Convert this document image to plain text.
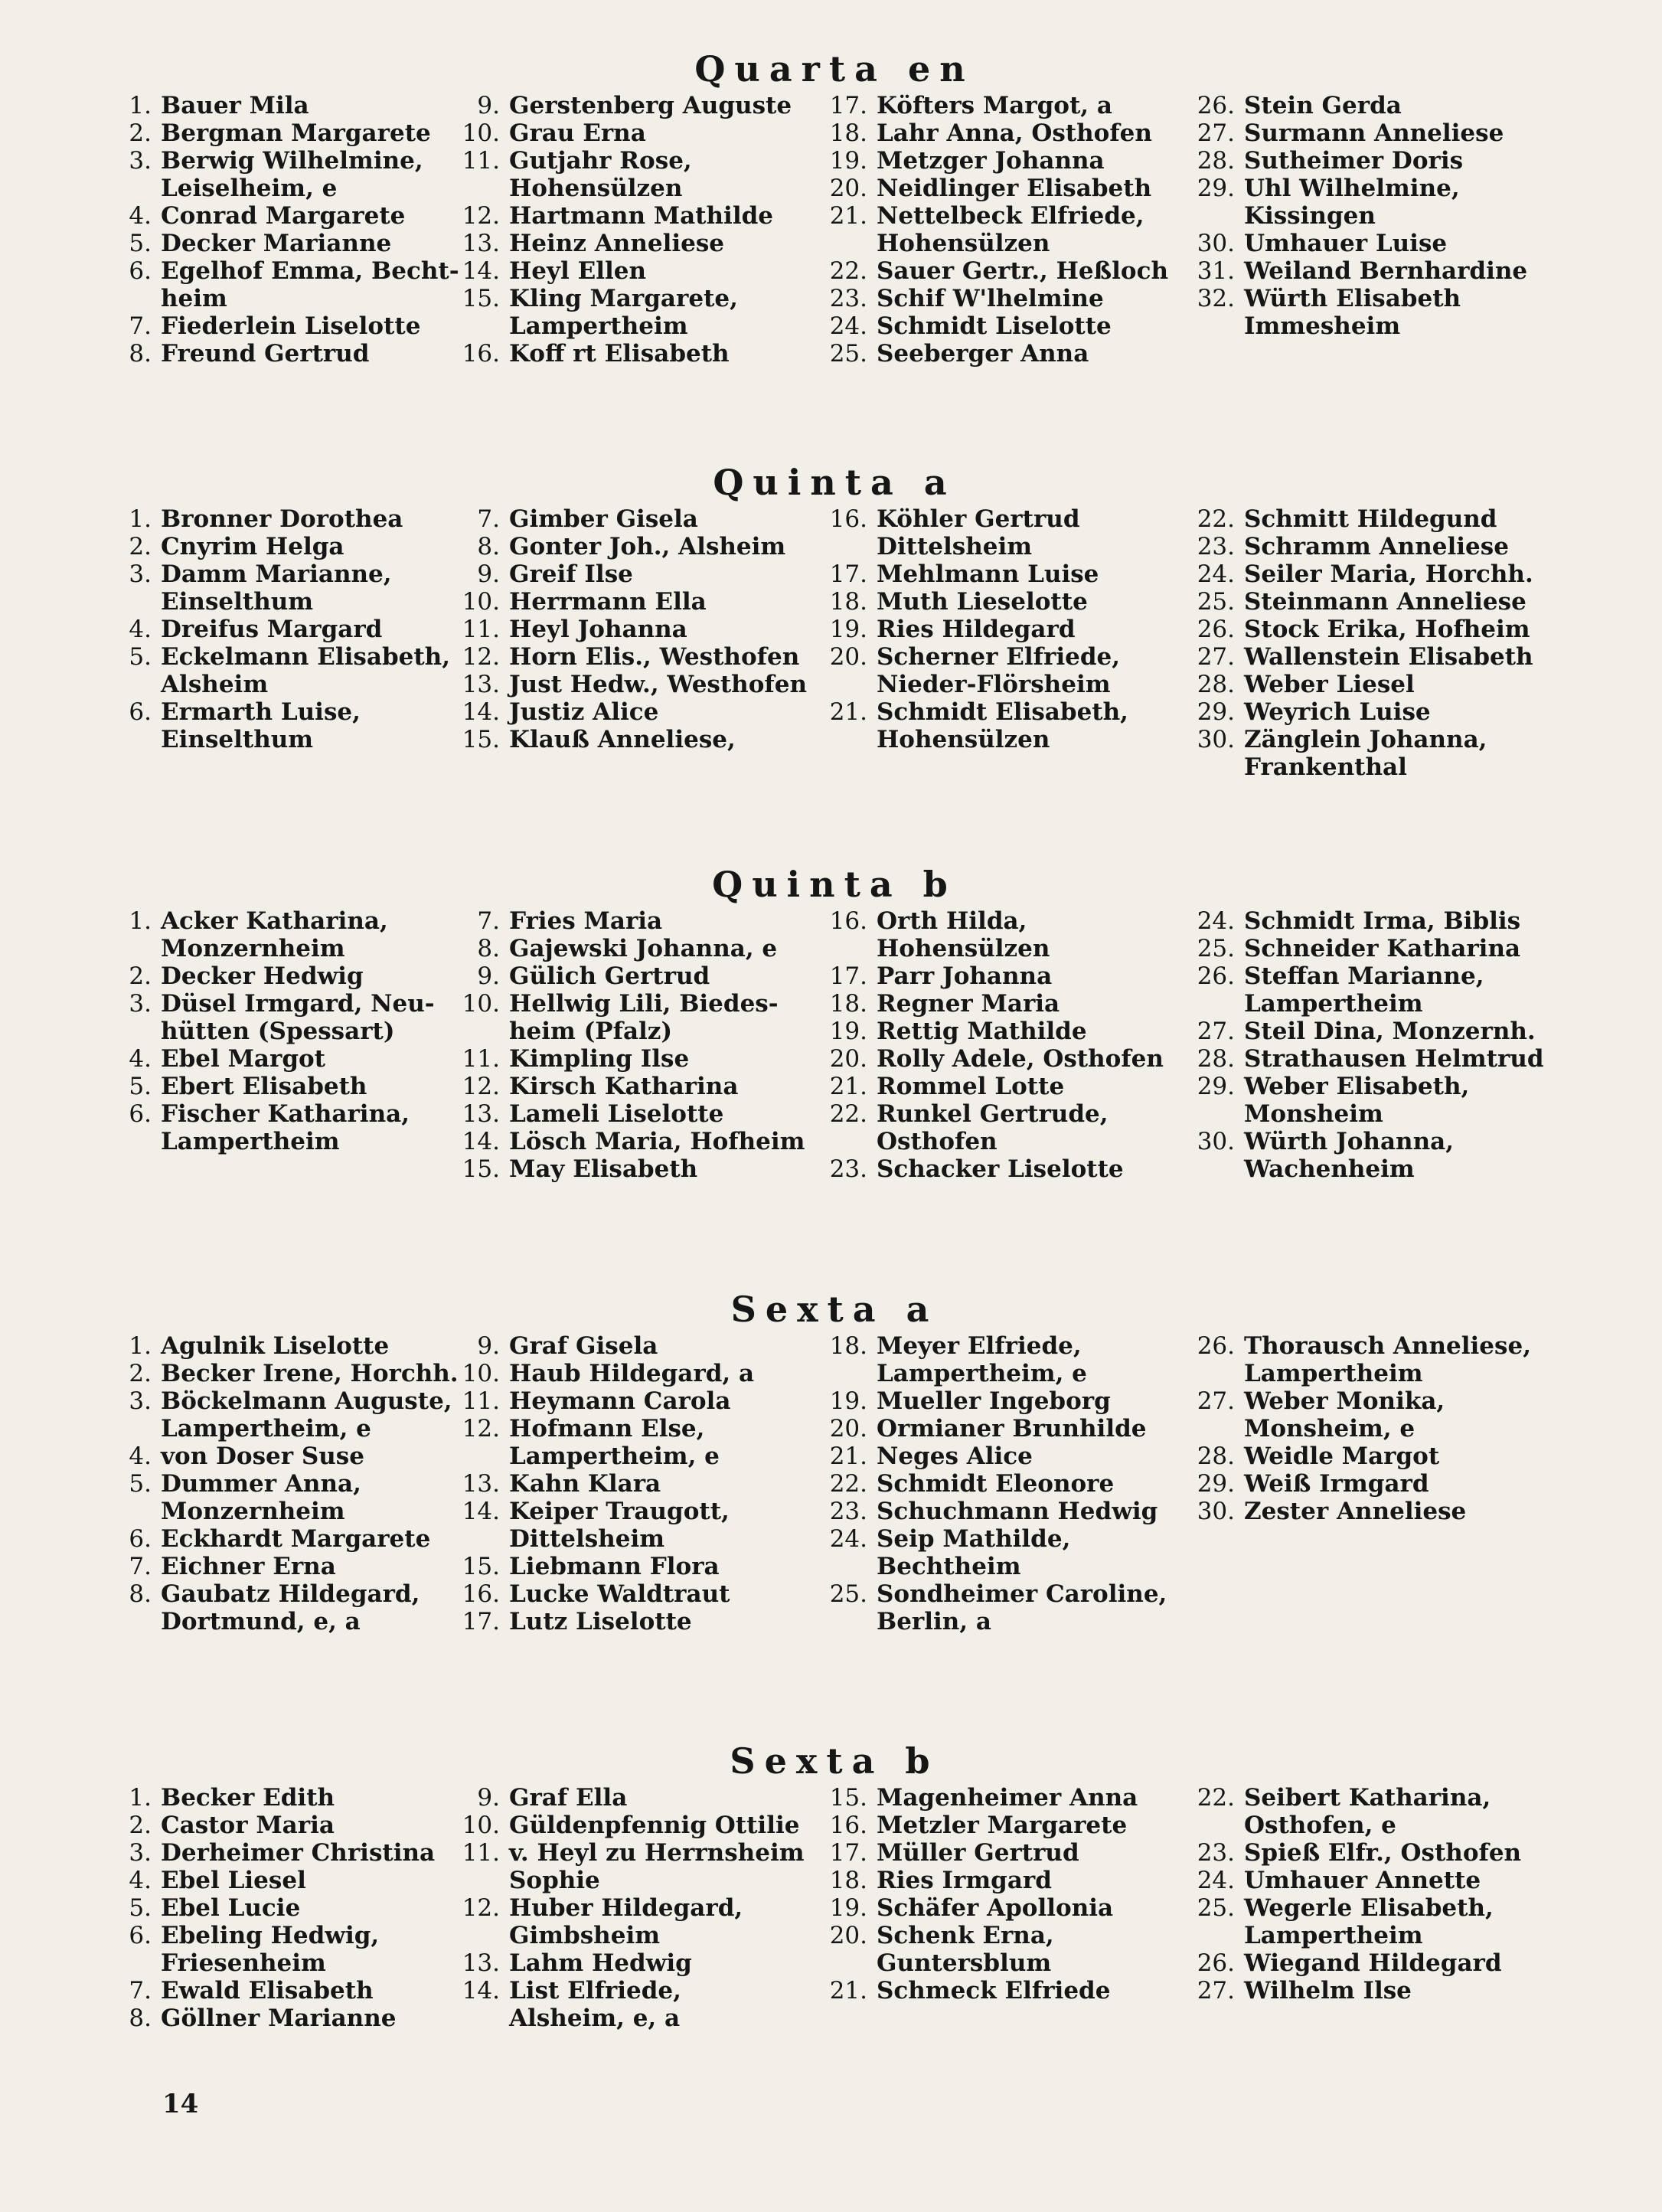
Quarta en
1. Bauer Mila
2. Bergman Margarete
3. Berwig Wilhelmine,
Leiselheim, e
4. Conrad Margarete
5. Decker Marianne
6. Egelhof Emma, Becht-
heim
7. Fiederlein Liselotte
8. Freund Gertrud
9. Gerstenberg Auguste
10. Grau Erna
11. Gutjahr Rose,
Hohensülzen
12. Hartmann Mathilde
13. Heinz Anneliese
14. Heyl Ellen
15. Kling Margarete,
Lampertheim
16. Koff rt Elisabeth
17. Köfters Margot, a
18. Lahr Anna, Osthofen
19. Metzger Johanna
20. Neidlinger Elisabeth
21. Nettelbeck Elfriede,
Hohensülzen
22. Sauer Gertr., Heßloch
23. Schif W'lhelmine
24. Schmidt Liselotte
25. Seeberger Anna
26. Stein Gerda
27. Surmann Anneliese
28. Sutheimer Doris
29. Uhl Wilhelmine,
Kissingen
30. Umhauer Luise
31. Weiland Bernhardine
32. Würth Elisabeth
Immesheim
Quinta a
1. Bronner Dorothea
2. Cnyrim Helga
3. Damm Marianne,
Einselthum
4. Dreifus Margard
5. Eckelmann Elisabeth,
Alsheim
6. Ermarth Luise,
Einselthum
7. Gimber Gisela
8. Gonter Joh., Alsheim
9. Greif Ilse
10. Herrmann Ella
11. Heyl Johanna
12. Horn Elis., Westhofen
13. Just Hedw., Westhofen
14. Justiz Alice
15. Klauß Anneliese,
16. Köhler Gertrud
Dittelsheim
17. Mehlmann Luise
18. Muth Lieselotte
19. Ries Hildegard
20. Scherner Elfriede,
Nieder-Flörsheim
21. Schmidt Elisabeth,
Hohensülzen
22. Schmitt Hildegund
23. Schramm Anneliese
24. Seiler Maria, Horchh.
25. Steinmann Anneliese
26. Stock Erika, Hofheim
27. Wallenstein Elisabeth
28. Weber Liesel
29. Weyrich Luise
30. Zänglein Johanna,
Frankenthal
Quinta b
1. Acker Katharina,
Monzernheim
2. Decker Hedwig
3. Düsel Irmgard, Neu-
hütten (Spessart)
4. Ebel Margot
5. Ebert Elisabeth
6. Fischer Katharina,
Lampertheim
7. Fries Maria
8. Gajewski Johanna, e
9. Gülich Gertrud
10. Hellwig Lili, Biedes-
heim (Pfalz)
11. Kimpling Ilse
12. Kirsch Katharina
13. Lameli Liselotte
14. Lösch Maria, Hofheim
15. May Elisabeth
16. Orth Hilda,
Hohensülzen
17. Parr Johanna
18. Regner Maria
19. Rettig Mathilde
20. Rolly Adele, Osthofen
21. Rommel Lotte
22. Runkel Gertrude,
Osthofen
23. Schacker Liselotte
24. Schmidt Irma, Biblis
25. Schneider Katharina
26. Steffan Marianne,
Lampertheim
27. Steil Dina, Monzernh.
28. Strathausen Helmtrud
29. Weber Elisabeth,
Monsheim
30. Würth Johanna,
Wachenheim
Sexta a
1. Agulnik Liselotte
2. Becker Irene, Horchh.
3. Böckelmann Auguste,
Lampertheim, e
4. von Doser Suse
5. Dummer Anna,
Monzernheim
6. Eckhardt Margarete
7. Eichner Erna
8. Gaubatz Hildegard,
Dortmund, e, a
9. Graf Gisela
10. Haub Hildegard, a
11. Heymann Carola
12. Hofmann Else,
Lampertheim, e
13. Kahn Klara
14. Keiper Traugott,
Dittelsheim
15. Liebmann Flora
16. Lucke Waldtraut
17. Lutz Liselotte
18. Meyer Elfriede,
Lampertheim, e
19. Mueller Ingeborg
20. Ormianer Brunhilde
21. Neges Alice
22. Schmidt Eleonore
23. Schuchmann Hedwig
24. Seip Mathilde,
Bechtheim
25. Sondheimer Caroline,
Berlin, a
26. Thorausch Anneliese,
Lampertheim
27. Weber Monika,
Monsheim, e
28. Weidle Margot
29. Weiß Irmgard
30. Zester Anneliese
Sexta b
1. Becker Edith
2. Castor Maria
3. Derheimer Christina
4. Ebel Liesel
5. Ebel Lucie
6. Ebeling Hedwig,
Friesenheim
7. Ewald Elisabeth
8. Göllner Marianne
9. Graf Ella
10. Güldenpfennig Ottilie
11. v. Heyl zu Herrnsheim
Sophie
12. Huber Hildegard,
Gimbsheim
13. Lahm Hedwig
14. List Elfriede,
Alsheim, e, a
15. Magenheimer Anna
16. Metzler Margarete
17. Müller Gertrud
18. Ries Irmgard
19. Schäfer Apollonia
20. Schenk Erna,
Guntersblum
21. Schmeck Elfriede
22. Seibert Katharina,
Osthofen, e
23. Spieß Elfr., Osthofen
24. Umhauer Annette
25. Wegerle Elisabeth,
Lampertheim
26. Wiegand Hildegard
27. Wilhelm Ilse
14
